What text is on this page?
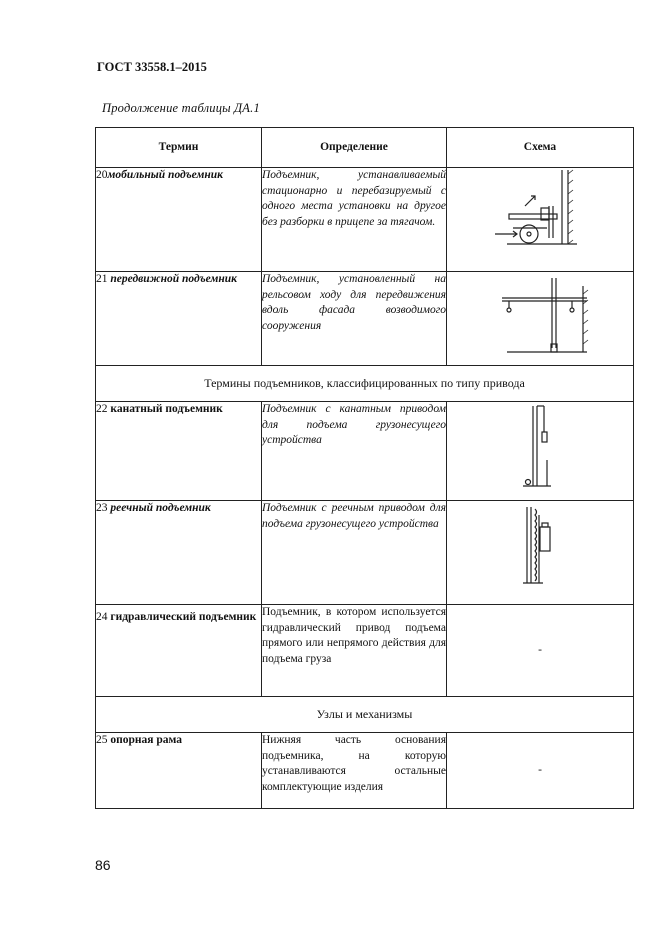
ГОСТ 33558.1–2015
Продолжение таблицы ДА.1
Термин	Определение	Схема
20мобильный подъемник	Подъемник, устанавливаемый стационарно и перебазируемый с одного места установки на другое без разборки в прицепе за тягачом.	

21 передвижной подъемник	Подъемник, установленный на рельсовом ходу для передвижения вдоль фасада возводимого сооружения	

Термины подъемников, классифицированных по типу привода		
22 канатный подъемник	Подъемник с канатным приводом для подъема грузонесущего устройства	

23 реечный подъемник	Подъемник с реечным приводом для подъема грузонесущего устройства	

24 гидравлический подъемник	Подъемник, в котором используется гидравлический привод подъема прямого или непрямого действия для подъема груза	-

Узлы и механизмы		
25 опорная рама	Нижняя часть основания подъемника, на которую устанавливаются остальные комплектующие изделия	-
86
